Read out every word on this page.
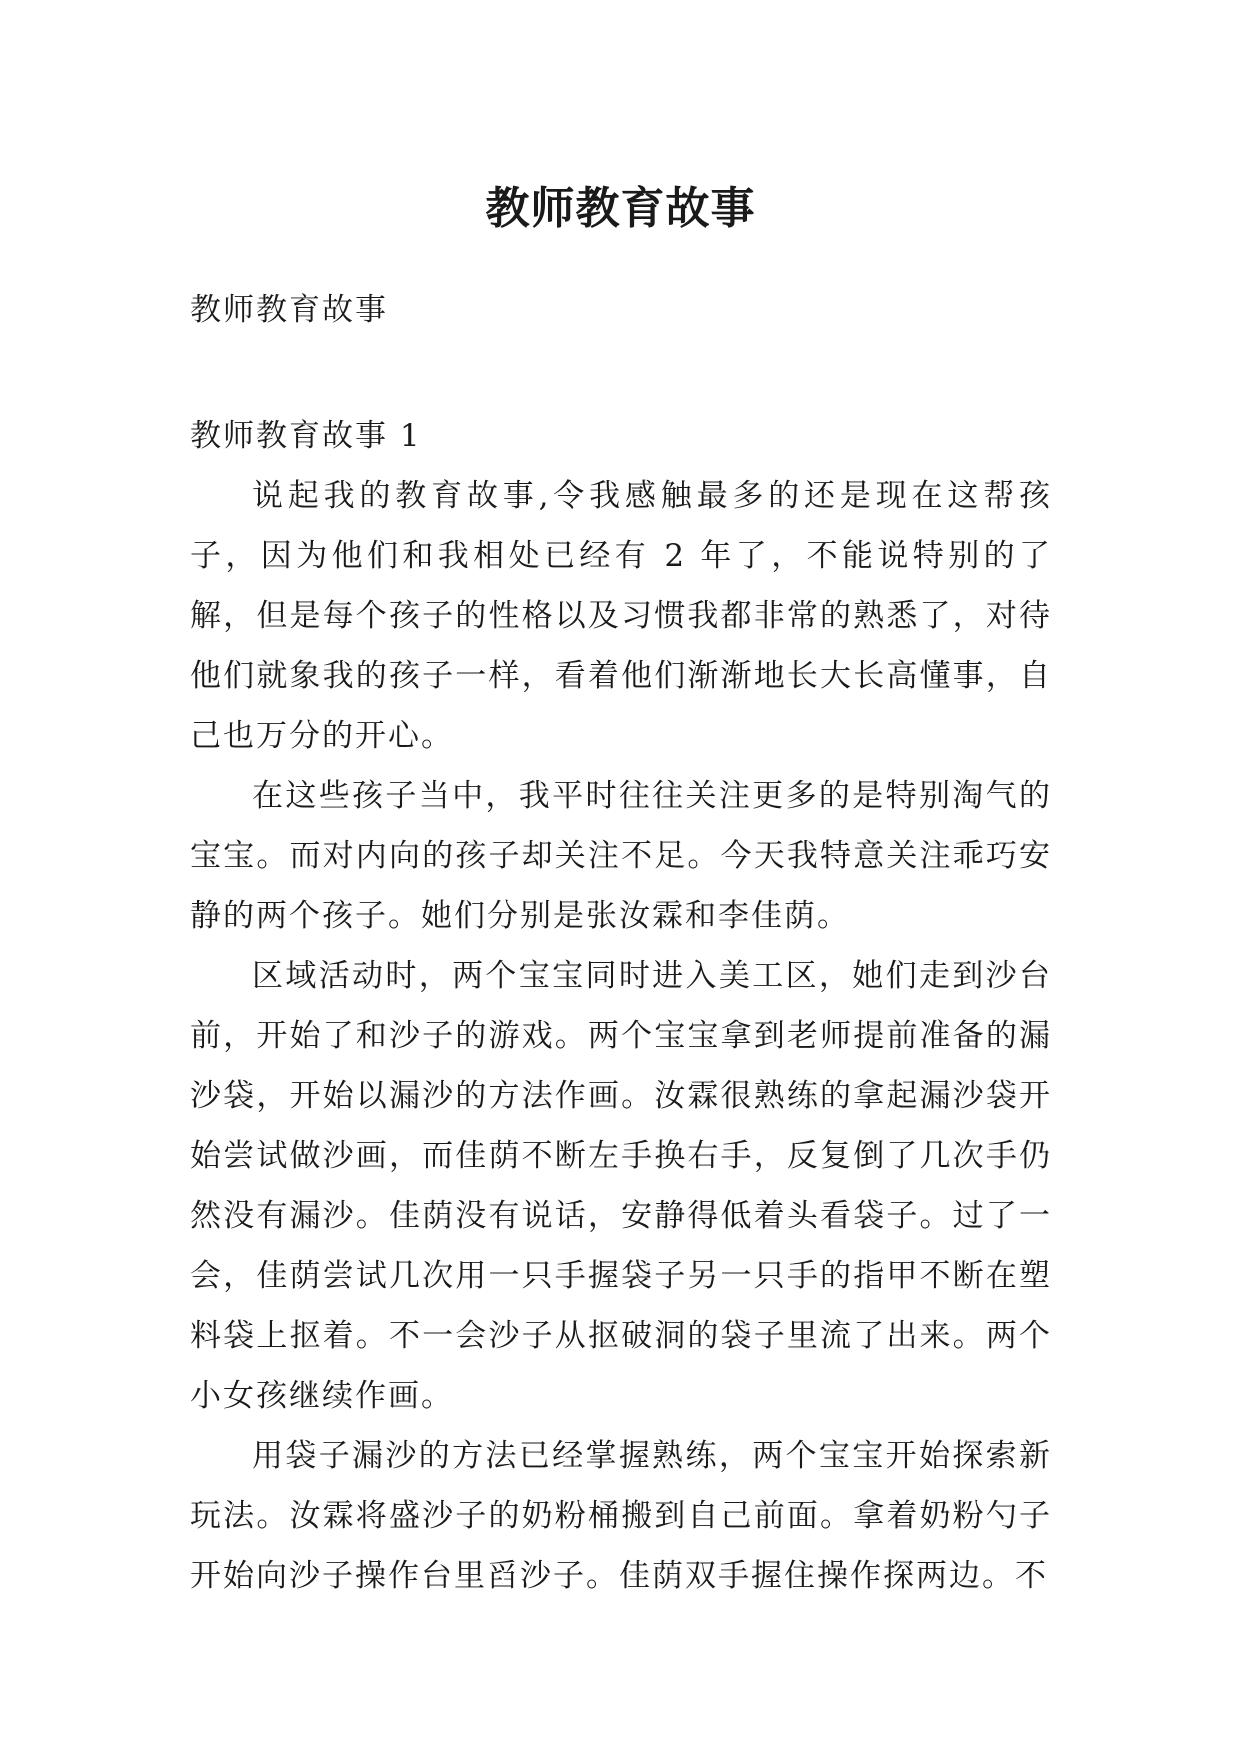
教师教育故事
教师教育故事
教师教育故事 1

说起我的教育故事,令我感触最多的还是现在这帮孩子，因为他们和我相处已经有 2 年了，不能说特别的了解，但是每个孩子的性格以及习惯我都非常的熟悉了，对待他们就象我的孩子一样，看着他们渐渐地长大长高懂事，自己也万分的开心。

在这些孩子当中，我平时往往关注更多的是特别淘气的宝宝。而对内向的孩子却关注不足。今天我特意关注乖巧安静的两个孩子。她们分别是张汝霖和李佳荫。

区域活动时，两个宝宝同时进入美工区，她们走到沙台前，开始了和沙子的游戏。两个宝宝拿到老师提前准备的漏沙袋，开始以漏沙的方法作画。汝霖很熟练的拿起漏沙袋开始尝试做沙画，而佳荫不断左手换右手，反复倒了几次手仍然没有漏沙。佳荫没有说话，安静得低着头看袋子。过了一会，佳荫尝试几次用一只手握袋子另一只手的指甲不断在塑料袋上抠着。不一会沙子从抠破洞的袋子里流了出来。两个小女孩继续作画。

用袋子漏沙的方法已经掌握熟练，两个宝宝开始探索新玩法。汝霖将盛沙子的奶粉桶搬到自己前面。拿着奶粉勺子开始向沙子操作台里舀沙子。佳荫双手握住操作探两边。不
